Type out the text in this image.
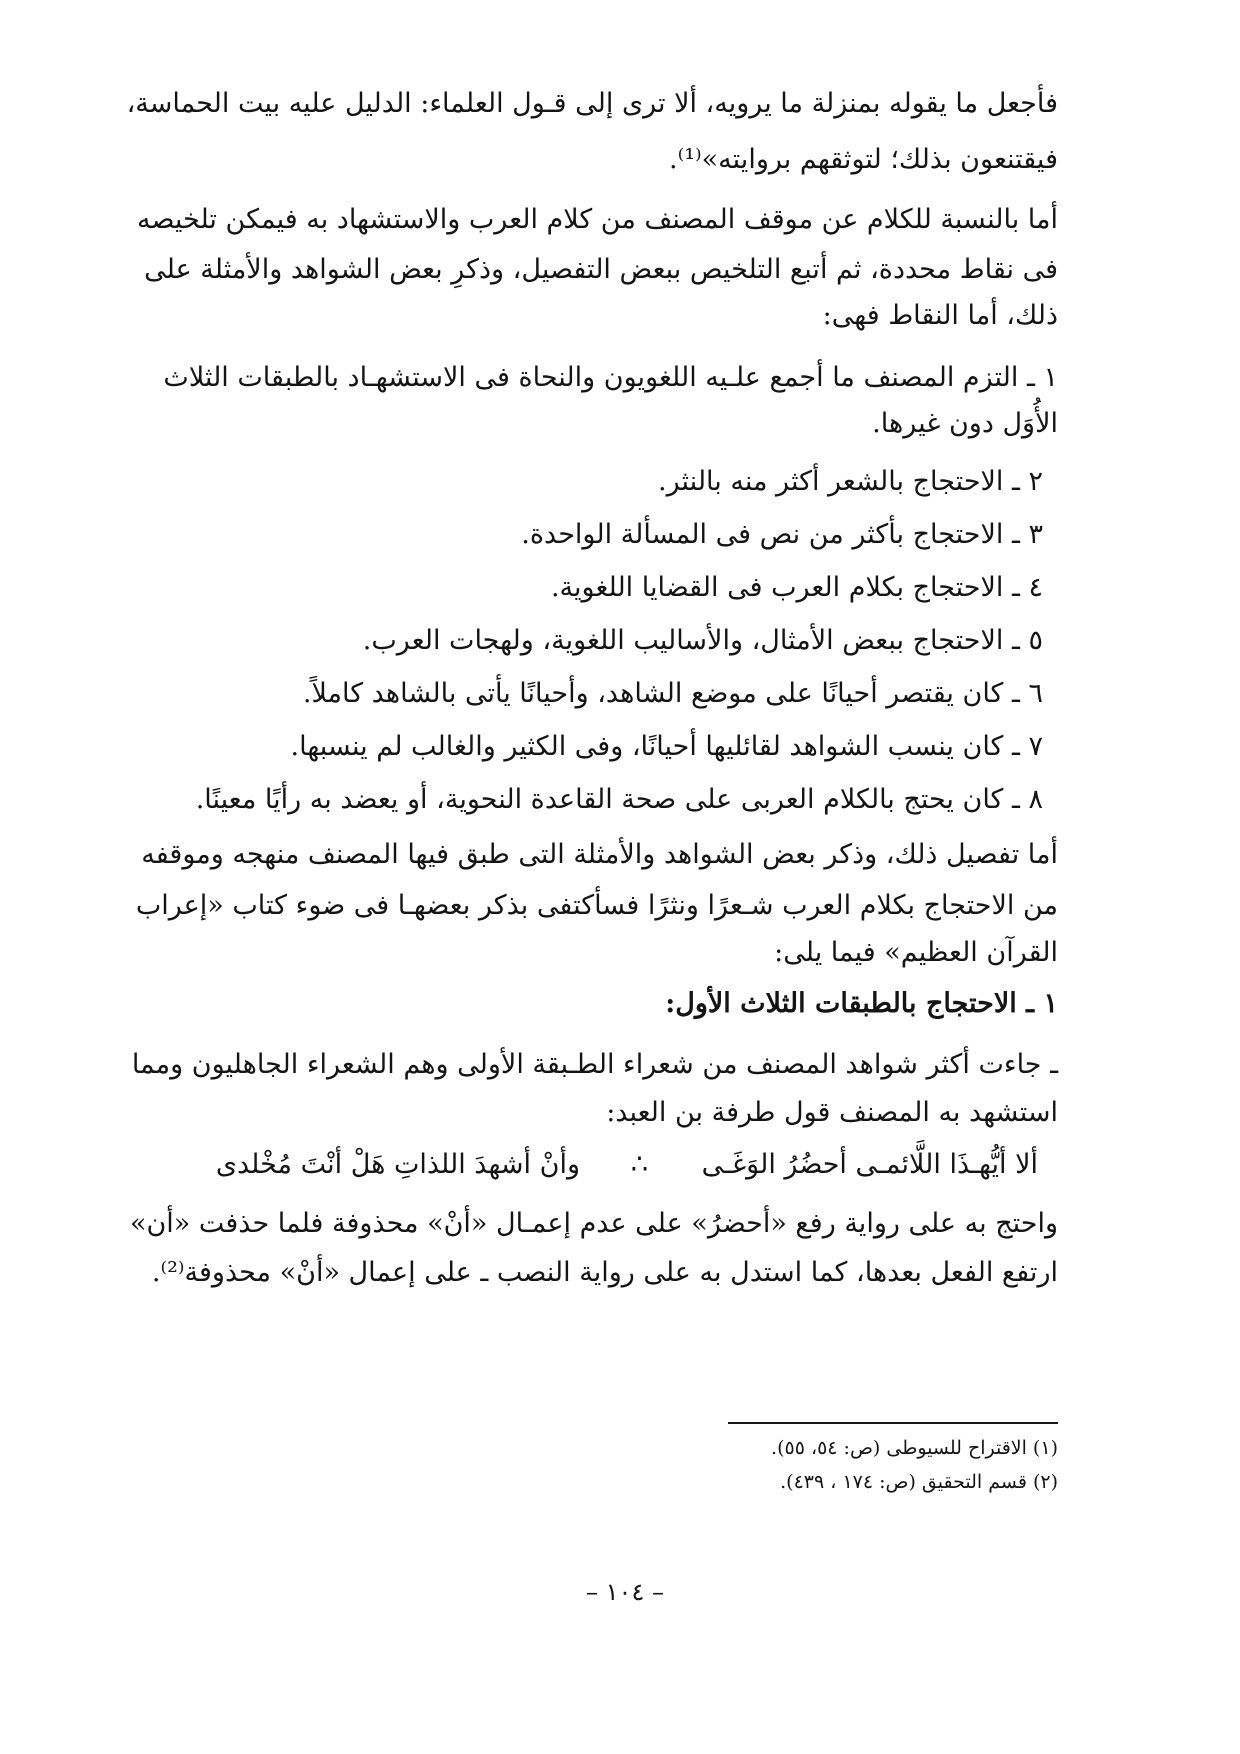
فأجعل ما يقوله بمنزلة ما يرويه، ألا ترى إلى قـول العلماء: الدليل عليه بيت الحماسة،
فيقتنعون بذلك؛ لتوثقهم بروايته»⁽¹⁾.
أما بالنسبة للكلام عن موقف المصنف من كلام العرب والاستشهاد به فيمكن تلخيصه
فى نقاط محددة، ثم أتبع التلخيص ببعض التفصيل، وذكرِ بعض الشواهد والأمثلة على
ذلك، أما النقاط فهى:
١ ـ التزم المصنف ما أجمع علـيه اللغويون والنحاة فى الاستشهـاد بالطبقات الثلاث
الأُوَل دون غيرها.
٢ ـ الاحتجاج بالشعر أكثر منه بالنثر.
٣ ـ الاحتجاج بأكثر من نص فى المسألة الواحدة.
٤ ـ الاحتجاج بكلام العرب فى القضايا اللغوية.
٥ ـ الاحتجاج ببعض الأمثال، والأساليب اللغوية، ولهجات العرب.
٦ ـ كان يقتصر أحيانًا على موضع الشاهد، وأحيانًا يأتى بالشاهد كاملاً.
٧ ـ كان ينسب الشواهد لقائليها أحيانًا، وفى الكثير والغالب لم ينسبها.
٨ ـ كان يحتج بالكلام العربى على صحة القاعدة النحوية، أو يعضد به رأيًا معينًا.
أما تفصيل ذلك، وذكر بعض الشواهد والأمثلة التى طبق فيها المصنف منهجه وموقفه
من الاحتجاج بكلام العرب شـعرًا ونثرًا فسأكتفى بذكر بعضهـا فى ضوء كتاب «إعراب
القرآن العظيم» فيما يلى:
١ ـ الاحتجاج بالطبقات الثلاث الأول:
ـ جاءت أكثر شواهد المصنف من شعراء الطـبقة الأولى وهم الشعراء الجاهليون ومما
استشهد به المصنف قول طرفة بن العبد:
ألا أيُّهـذَا اللَّائمـى أحضُرُ الوَغَـى
∴
وأنْ أشهدَ اللذاتِ هَلْ أنْتَ مُخْلدى
واحتج به على رواية رفع «أحضرُ» على عدم إعمـال «أنْ» محذوفة فلما حذفت «أن»
ارتفع الفعل بعدها، كما استدل به على رواية النصب ـ على إعمال «أنْ» محذوفة⁽²⁾.
(١) الاقتراح للسيوطى (ص: ٥٤، ٥٥).
(٢) قسم التحقيق (ص: ١٧٤ ، ٤٣٩).
– ١٠٤ –
